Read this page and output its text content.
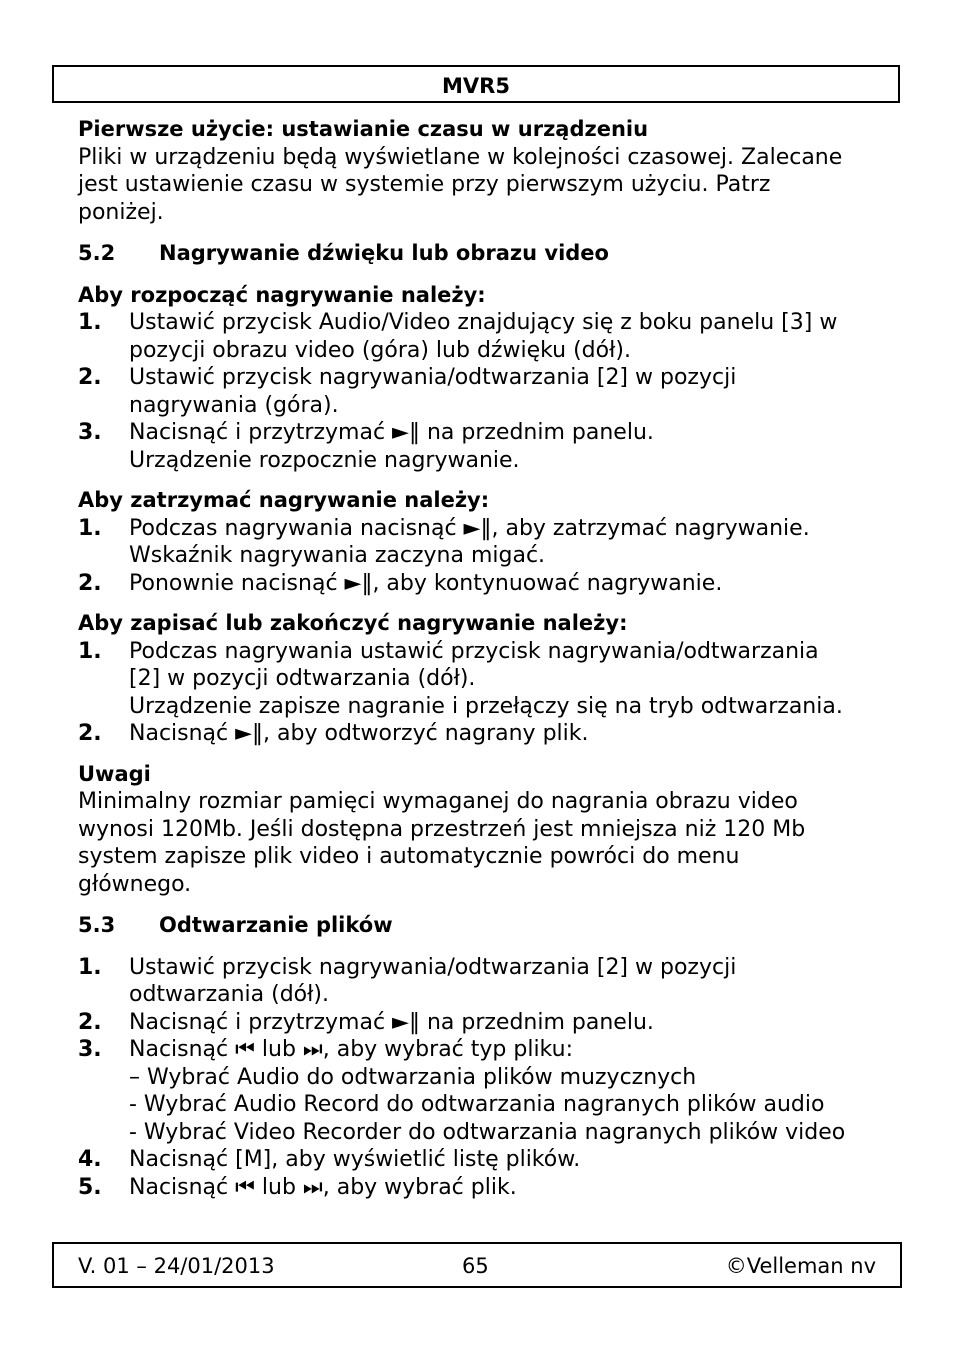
MVR5
Pierwsze użycie: ustawianie czasu w urządzeniu

Pliki w urządzeniu będą wyświetlane w kolejności czasowej. Zalecane

jest ustawienie czasu w systemie przy pierwszym użyciu. Patrz

poniżej.

5.2 Nagrywanie dźwięku lub obrazu video
Aby rozpocząć nagrywanie należy:
1. Ustawić przycisk Audio/Video znajdujący się z boku panelu [3] w

pozycji obrazu video (góra) lub dźwięku (dół).

2. Ustawić przycisk nagrywania/odtwarzania [2] w pozycji

nagrywania (góra).

3. Nacisnąć i przytrzymać ►‖ na przednim panelu.

Urządzenie rozpocznie nagrywanie.

Aby zatrzymać nagrywanie należy:
1. Podczas nagrywania nacisnąć ►‖, aby zatrzymać nagrywanie.

Wskaźnik nagrywania zaczyna migać.

2. Ponownie nacisnąć ►‖, aby kontynuować nagrywanie.

Aby zapisać lub zakończyć nagrywanie należy:
1. Podczas nagrywania ustawić przycisk nagrywania/odtwarzania

[2] w pozycji odtwarzania (dół).

Urządzenie zapisze nagranie i przełączy się na tryb odtwarzania.

2. Nacisnąć ►‖, aby odtworzyć nagrany plik.

Uwagi

Minimalny rozmiar pamięci wymaganej do nagrania obrazu video

wynosi 120Mb. Jeśli dostępna przestrzeń jest mniejsza niż 120 Mb

system zapisze plik video i automatycznie powróci do menu

głównego.

5.3 Odtwarzanie plików
1. Ustawić przycisk nagrywania/odtwarzania [2] w pozycji

odtwarzania (dół).

2. Nacisnąć i przytrzymać ►‖ na przednim panelu.

3. Nacisnąć ⏮ lub ⏭, aby wybrać typ pliku:

– Wybrać Audio do odtwarzania plików muzycznych

- Wybrać Audio Record do odtwarzania nagranych plików audio

- Wybrać Video Recorder do odtwarzania nagranych plików video

4. Nacisnąć [M], aby wyświetlić listę plików.

5. Nacisnąć ⏮ lub ⏭, aby wybrać plik.

V. 01 – 24/01/2013	65	©Velleman nv
